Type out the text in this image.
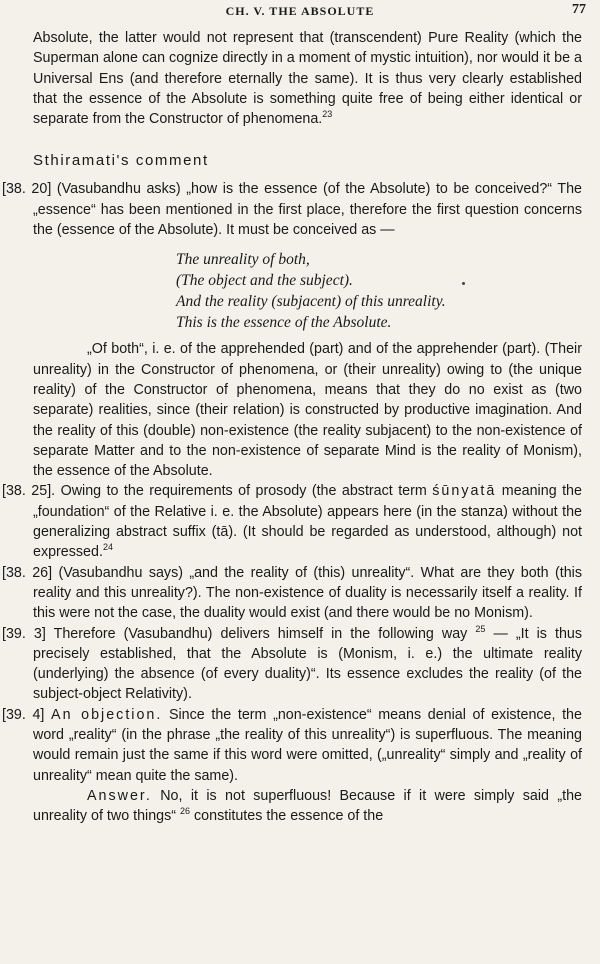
CH. V. THE ABSOLUTE	77

Absolute, the latter would not represent that (transcendent) Pure Reality (which the Superman alone can cognize directly in a moment of mystic intuition), nor would it be a Universal Ens (and therefore eternally the same). It is thus very clearly established that the essence of the Absolute is something quite free of being either identical or separate from the Constructor of phenomena.$^{23}$

Sthiramati's comment

[38. 20] (Vasubandhu asks) „how is the essence (of the Absolute) to be conceived?“ The „essence“ has been mentioned in the first place, therefore the first question concerns the (essence of the Absolute). It must be conceived as —

The unreality of both,
(The object and the subject).
And the reality (subjacent) of this unreality.
This is the essence of the Absolute.

„Of both“, i. e. of the apprehended (part) and of the apprehender (part). (Their unreality) in the Constructor of phenomena, or (their unreality) owing to (the unique reality) of the Constructor of phenomena, means that they do no exist as (two separate) realities, since (their relation) is constructed by productive imagination. And the reality of this (double) non-existence (the reality subjacent) to the non-existence of separate Matter and to the non-existence of separate Mind is the reality of Monism), the essence of the Absolute.

[38. 25]. Owing to the requirements of prosody (the abstract term śūnyatā meaning the „foundation“ of the Relative i. e. the Absolute) appears here (in the stanza) without the generalizing abstract suffix (tā). (It should be regarded as understood, although) not expressed.$^{24}$

[38. 26] (Vasubandhu says) „and the reality of (this) unreality“. What are they both (this reality and this unreality?). The non-existence of duality is necessarily itself a reality. If this were not the case, the duality would exist (and there would be no Monism).

[39. 3] Therefore (Vasubandhu) delivers himself in the following way $^{25}$ — „It is thus precisely established, that the Absolute is (Monism, i. e.) the ultimate reality (underlying) the absence (of every duality)“. Its essence excludes the reality (of the subject-object Relativity).

[39. 4] An objection. Since the term „non-existence“ means denial of existence, the word „reality“ (in the phrase „the reality of this unreality“) is superfluous. The meaning would remain just the same if this word were omitted, („unreality“ simply and „reality of unreality“ mean quite the same).

Answer. No, it is not superfluous! Because if it were simply said „the unreality of two things“ $^{26}$ constitutes the essence of the
